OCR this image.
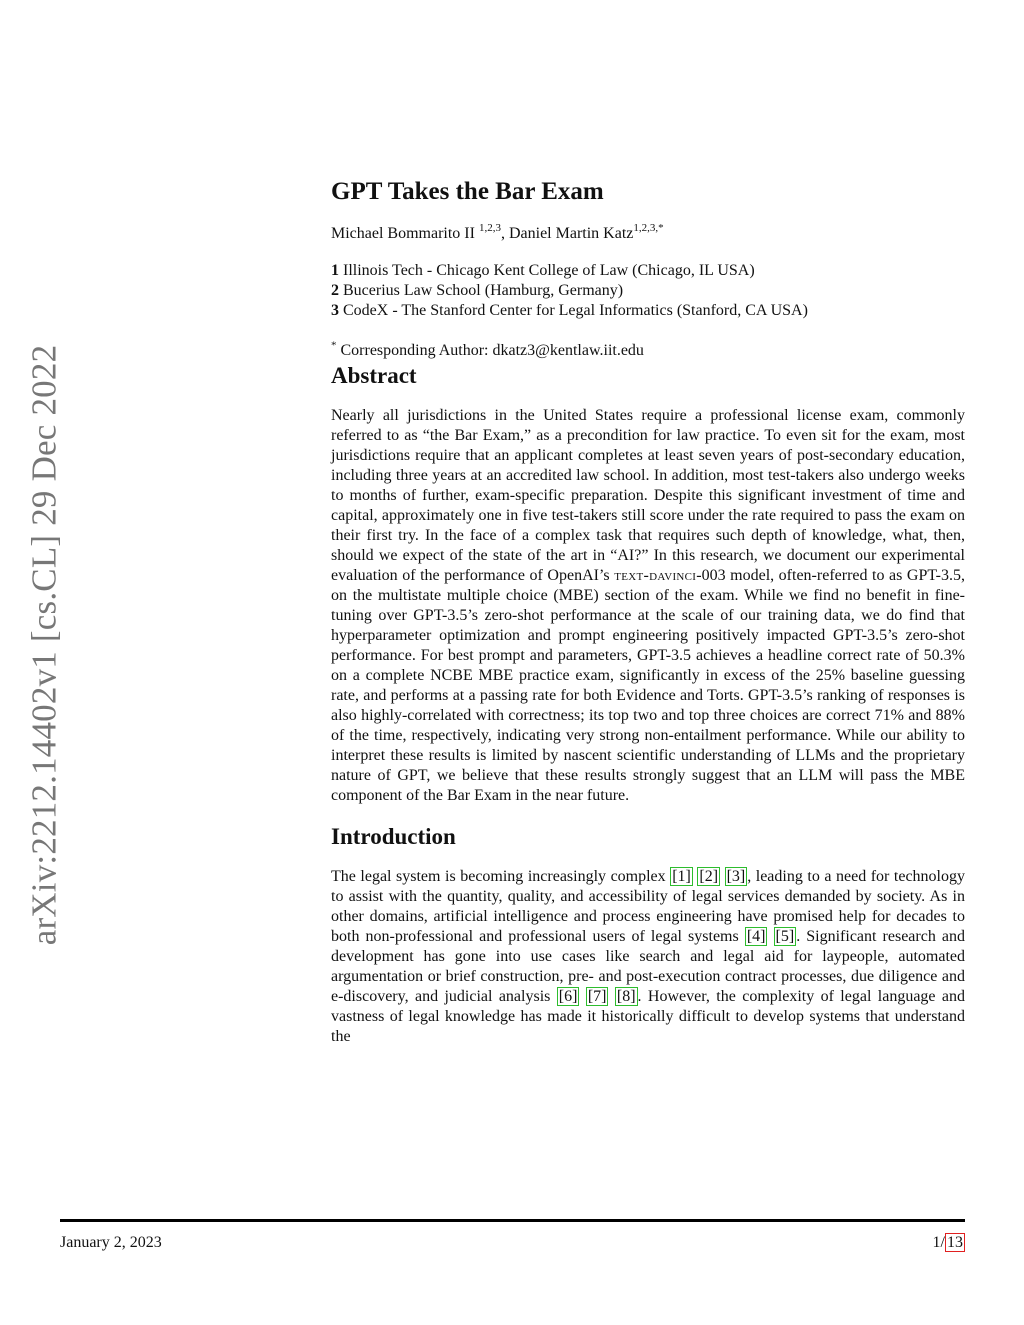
arXiv:2212.14402v1 [cs.CL] 29 Dec 2022
GPT Takes the Bar Exam
Michael Bommarito II $^{1,2,3}$, Daniel Martin Katz$^{1,2,3,*}$
1 Illinois Tech - Chicago Kent College of Law (Chicago, IL USA)
2 Bucerius Law School (Hamburg, Germany)
3 CodeX - The Stanford Center for Legal Informatics (Stanford, CA USA)
* Corresponding Author: dkatz3@kentlaw.iit.edu
Abstract

Nearly all jurisdictions in the United States require a professional license exam, commonly referred to as “the Bar Exam,” as a precondition for law practice. To even sit for the exam, most jurisdictions require that an applicant completes at least seven years of post-secondary education, including three years at an accredited law school. In addition, most test-takers also undergo weeks to months of further, exam-specific preparation. Despite this significant investment of time and capital, approximately one in five test-takers still score under the rate required to pass the exam on their first try. In the face of a complex task that requires such depth of knowledge, what, then, should we expect of the state of the art in “AI?” In this research, we document our experimental evaluation of the performance of OpenAI’s text-davinci-003 model, often-referred to as GPT-3.5, on the multistate multiple choice (MBE) section of the exam. While we find no benefit in fine-tuning over GPT-3.5’s zero-shot performance at the scale of our training data, we do find that hyperparameter optimization and prompt engineering positively impacted GPT-3.5’s zero-shot performance. For best prompt and parameters, GPT-3.5 achieves a headline correct rate of 50.3% on a complete NCBE MBE practice exam, significantly in excess of the 25% baseline guessing rate, and performs at a passing rate for both Evidence and Torts. GPT-3.5’s ranking of responses is also highly-correlated with correctness; its top two and top three choices are correct 71% and 88% of the time, respectively, indicating very strong non-entailment performance. While our ability to interpret these results is limited by nascent scientific understanding of LLMs and the proprietary nature of GPT, we believe that these results strongly suggest that an LLM will pass the MBE component of the Bar Exam in the near future.

Introduction

The legal system is becoming increasingly complex [1] [2] [3] , leading to a need for technology to assist with the quantity, quality, and accessibility of legal services demanded by society. As in other domains, artificial intelligence and process engineering have promised help for decades to both non-professional and professional users of legal systems [4] [5] . Significant research and development has gone into use cases like search and legal aid for laypeople, automated argumentation or brief construction, pre- and post-execution contract processes, due diligence and e-discovery, and judicial analysis [6] [7] [8] . However, the complexity of legal language and vastness of legal knowledge has made it historically difficult to develop systems that understand the

January 2, 2023	1/ 13
